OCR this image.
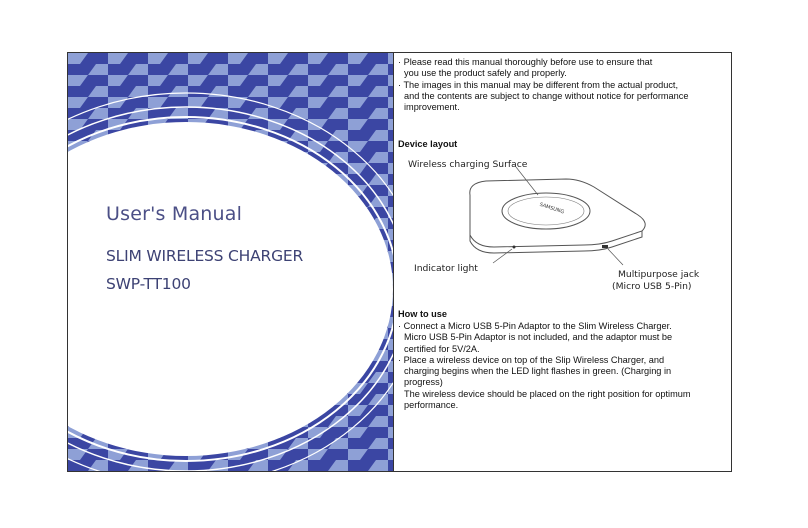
User's Manual
SLIM WIRELESS CHARGER
SWP-TT100
· Please read this manual thoroughly before use to ensure that
you use the product safely and properly.
· The images in this manual may be different from the actual product,
and the contents are subject to change without notice for performance
improvement.
Device layout
SAMSUNG
Wireless charging Surface
Indicator light
Multipurpose jack
(Micro USB 5-Pin)
How to use
· Connect a Micro USB 5-Pin Adaptor to the Slim Wireless Charger.
Micro USB 5-Pin Adaptor is not included, and the adaptor must be
certified for 5V/2A.
· Place a wireless device on top of the Slip Wireless Charger, and
charging begins when the LED light flashes in green. (Charging in
progress)
The wireless device should be placed on the right position for optimum
performance.
